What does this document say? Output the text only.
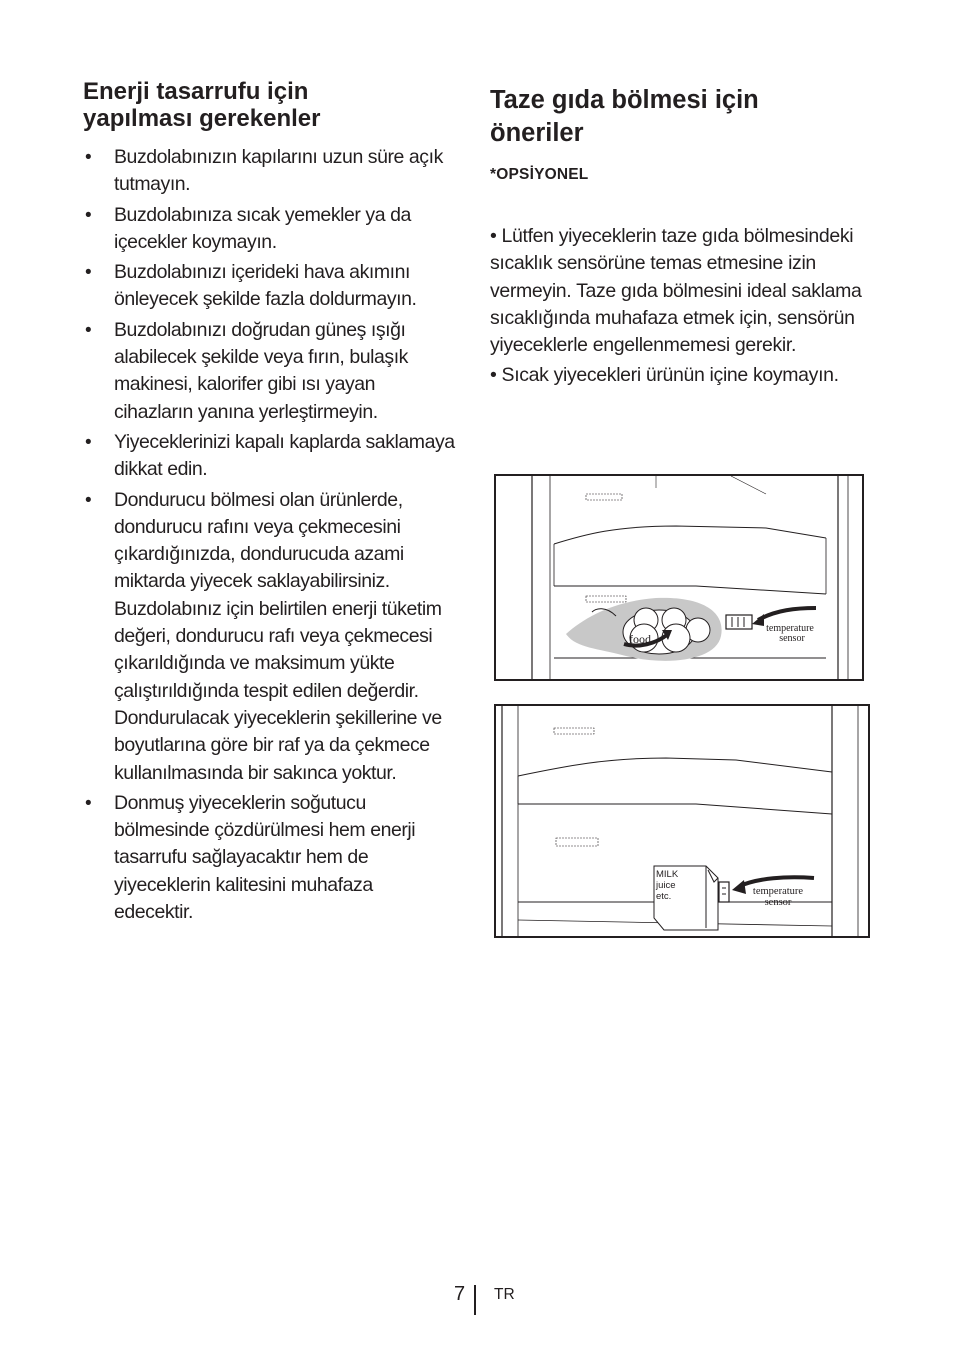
Enerji tasarrufu için
yapılması gerekenler
• Buzdolabınızın kapılarını uzun süre açık tutmayın.
• Buzdolabınıza sıcak yemekler ya da içecekler koymayın.
• Buzdolabınızı içerideki hava akımını önleyecek şekilde fazla doldurmayın.
• Buzdolabınızı doğrudan güneş ışığı alabilecek şekilde veya fırın, bulaşık makinesi, kalorifer gibi ısı yayan cihazların yanına yerleştirmeyin.
• Yiyeceklerinizi kapalı kaplarda saklamaya dikkat edin.
• Dondurucu bölmesi olan ürünlerde, dondurucu rafını veya çekmecesini çıkardığınızda, dondurucuda azami miktarda yiyecek saklayabilirsiniz. Buzdolabınız için belirtilen enerji tüketim değeri, dondurucu rafı veya çekmecesi çıkarıldığında ve maksimum yükte çalıştırıldığında tespit edilen değerdir. Dondurulacak yiyeceklerin şekillerine ve boyutlarına göre bir raf ya da çekmece kullanılmasında bir sakınca yoktur.
• Donmuş yiyeceklerin soğutucu bölmesinde çözdürülmesi hem enerji tasarrufu sağlayacaktır hem de yiyeceklerin kalitesini muhafaza edecektir.
Taze gıda bölmesi için
öneriler
*OPSİYONEL

• Lütfen yiyeceklerin taze gıda bölmesindeki sıcaklık sensörüne temas etmesine izin vermeyin. Taze gıda bölmesini ideal saklama sıcaklığında muhafaza etmek için, sensörün yiyeceklerle engellenmemesi gerekir.

• Sıcak yiyecekleri ürünün içine koymayın.

food
temperature
sensor
MILK
juice
etc.	temperature
sensor
7 TR
